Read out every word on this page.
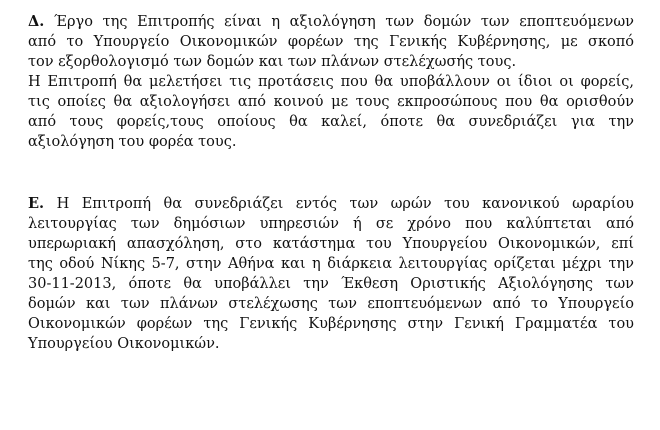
Δ. Έργο της Επιτροπής είναι η αξιολόγηση των δομών των εποπτευόμενων
από το Υπουργείο Οικονομικών φορέων της Γενικής Κυβέρνησης, με σκοπό
τον εξορθολογισμό των δομών και των πλάνων στελέχωσής τους.
Η Επιτροπή θα μελετήσει τις προτάσεις που θα υποβάλλουν οι ίδιοι οι φορείς,
τις οποίες θα αξιολογήσει από κοινού με τους εκπροσώπους που θα ορισθούν
από τους φορείς,τους οποίους θα καλεί, όποτε θα συνεδριάζει για την
αξιολόγηση του φορέα τους.
Ε. Η Επιτροπή θα συνεδριάζει εντός των ωρών του κανονικού ωραρίου
λειτουργίας των δημόσιων υπηρεσιών ή σε χρόνο που καλύπτεται από
υπερωριακή απασχόληση, στο κατάστημα του Υπουργείου Οικονομικών, επί
της οδού Νίκης 5-7, στην Αθήνα και η διάρκεια λειτουργίας ορίζεται μέχρι την
30-11-2013, όποτε θα υποβάλλει την Έκθεση Οριστικής Αξιολόγησης των
δομών και των πλάνων στελέχωσης των εποπτευόμενων από το Υπουργείο
Οικονομικών φορέων της Γενικής Κυβέρνησης στην Γενική Γραμματέα του
Υπουργείου Οικονομικών.
